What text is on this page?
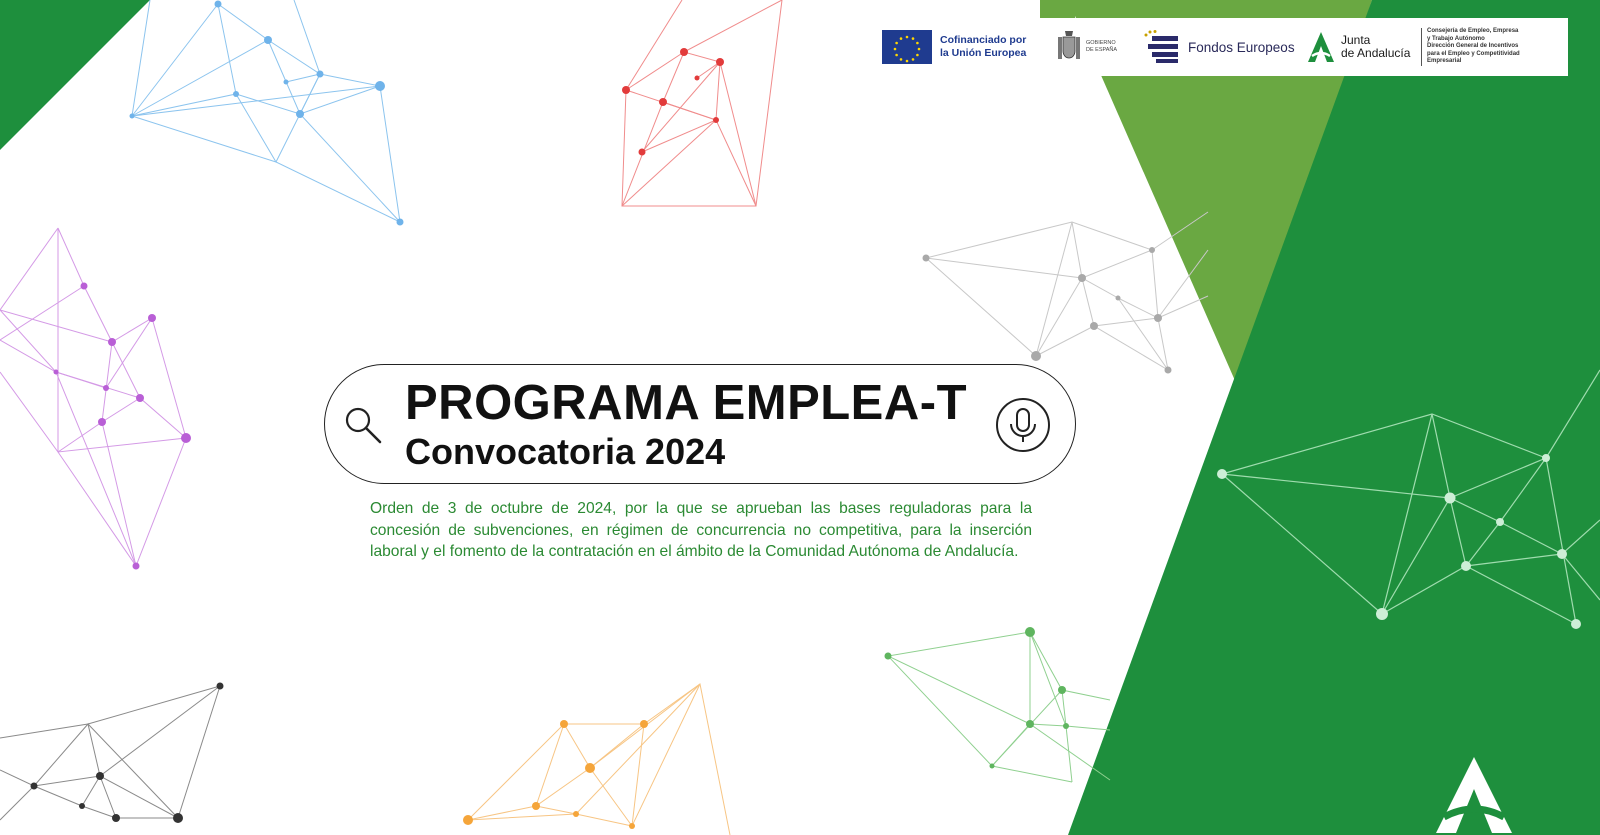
Cofinanciado por
la Unión Europea
GOBIERNO
DE ESPAÑA	Fondos Europeos	Junta
de Andalucía
Consejería de Empleo, Empresa
y Trabajo Autónomo
Dirección General de Incentivos
para el Empleo y Competitividad
Empresarial
PROGRAMA EMPLEA-T
Convocatoria 2024
Orden de 3 de octubre de 2024, por la que se aprueban las bases reguladoras para la concesión de subvenciones, en régimen de concurrencia no competitiva, para la inserción laboral y el fomento de la contratación en el ámbito de la Comunidad Autónoma de Andalucía.
